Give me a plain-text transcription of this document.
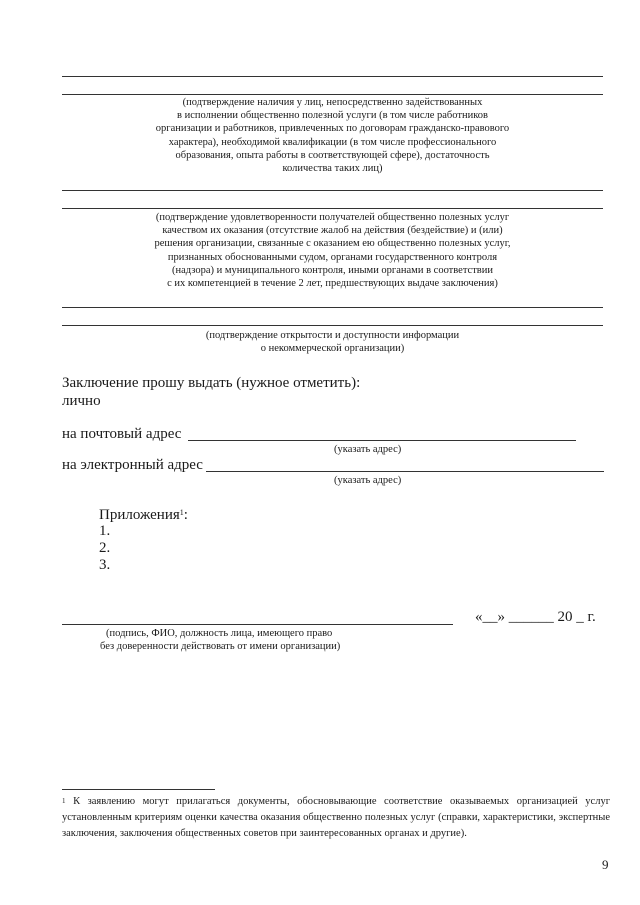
(подтверждение наличия у лиц, непосредственно задействованных
в исполнении общественно полезной услуги (в том числе работников
организации и работников, привлеченных по договорам гражданско-правового
характера), необходимой квалификации (в том числе профессионального
образования, опыта работы в соответствующей сфере), достаточность
количества таких лиц)
(подтверждение удовлетворенности получателей общественно полезных услуг
качеством их оказания (отсутствие жалоб на действия (бездействие) и (или)
решения организации, связанные с оказанием ею общественно полезных услуг,
признанных обоснованными судом, органами государственного контроля
(надзора) и муниципального контроля, иными органами в соответствии
с их компетенцией в течение 2 лет, предшествующих выдаче заключения)
(подтверждение открытости и доступности информации
о некоммерческой организации)
Заключение прошу выдать (нужное отметить):
лично
на почтовый адрес
(указать адрес)
на электронный адрес
(указать адрес)
Приложения$^1$:
1.
2.
3.
«__» ______ 20 _ г.
(подпись, ФИО, должность лица, имеющего право
без доверенности действовать от имени организации)
$^1$ К заявлению могут прилагаться документы, обосновывающие соответствие оказываемых организацией услуг установленным критериям оценки качества оказания общественно полезных услуг (справки, характеристики, экспертные заключения, заключения общественных советов при заинтересованных органах и другие).
9
